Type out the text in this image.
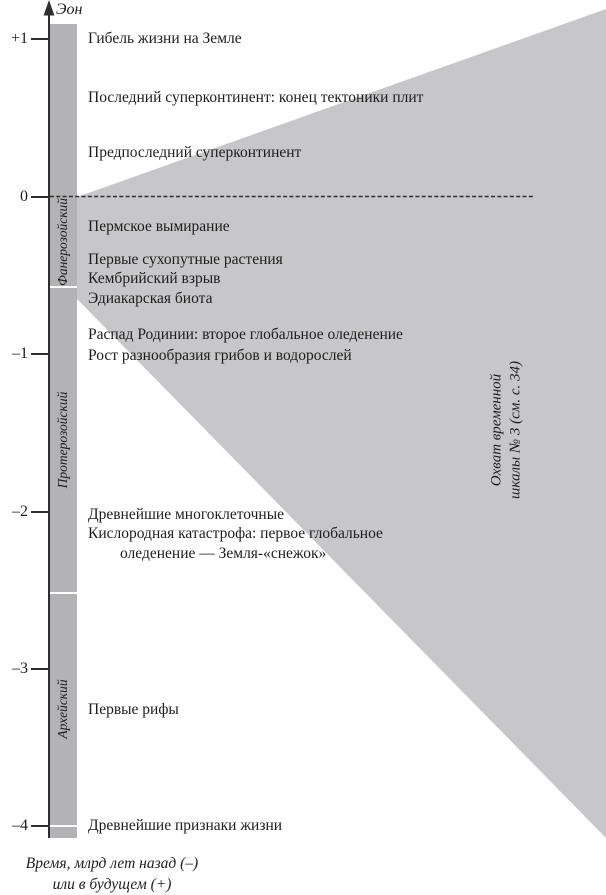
Эон
Охват временной шкалы № 3 (см. с. 34)
Время, млрд лет назад (–)
или в будущем (+)
Фанерозойский
Протерозойский
Архейский
+1
0
–1
–2
–3
–4
Гибель жизни на Земле
Последний суперконтинент: конец тектоники плит
Предпоследний суперконтинент
Пермское вымирание
Первые сухопутные растения
Кембрийский взрыв
Эдиакарская биота
Распад Родинии: второе глобальное оледенение
Рост разнообразия грибов и водорослей
Древнейшие многоклеточные
Кислородная катастрофа: первое глобальное
оледенение — Земля-«снежок»
Первые рифы
Древнейшие признаки жизни
